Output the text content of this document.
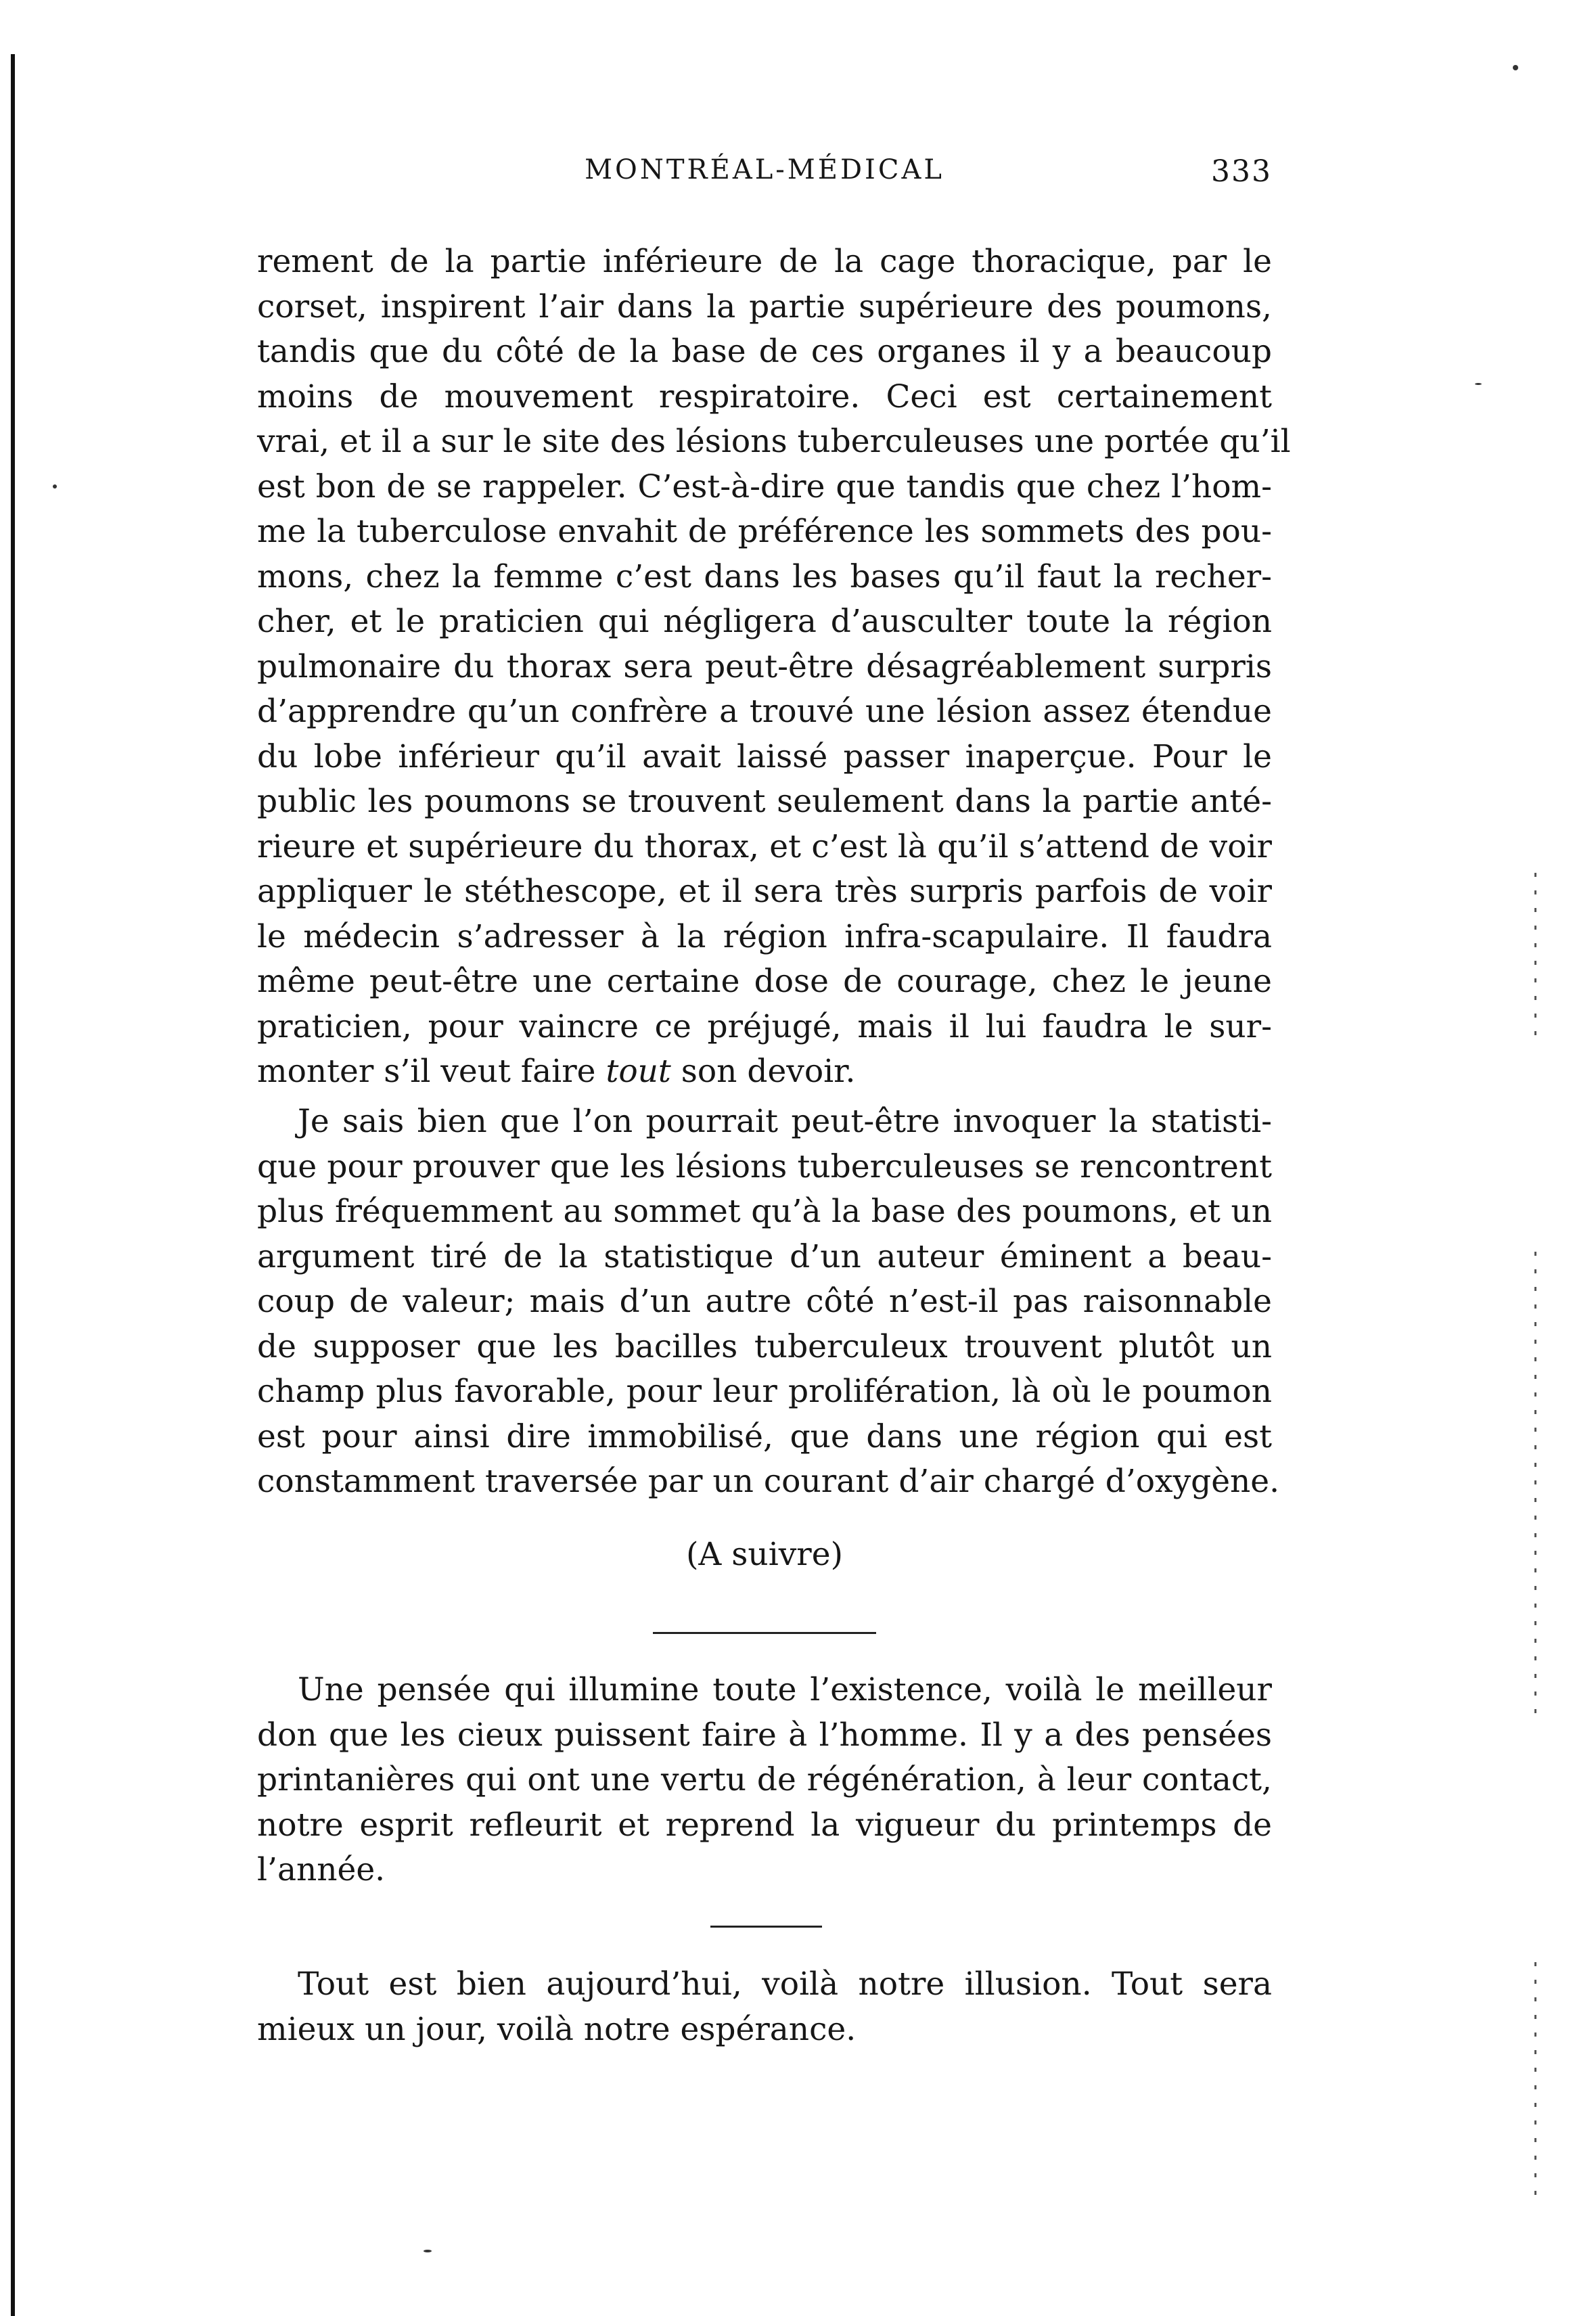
MONTRÉAL-MÉDICAL	333
rement de la partie inférieure de la cage thoracique, par le
corset, inspirent l’air dans la partie supérieure des poumons,
tandis que du côté de la base de ces organes il y a beaucoup
moins de mouvement respiratoire. Ceci est certainement
vrai, et il a sur le site des lésions tuberculeuses une portée qu’il
est bon de se rappeler. C’est-à-dire que tandis que chez l’hom-
me la tuberculose envahit de préférence les sommets des pou-
mons, chez la femme c’est dans les bases qu’il faut la recher-
cher, et le praticien qui négligera d’ausculter toute la région
pulmonaire du thorax sera peut-être désagréablement surpris
d’apprendre qu’un confrère a trouvé une lésion assez étendue
du lobe inférieur qu’il avait laissé passer inaperçue. Pour le
public les poumons se trouvent seulement dans la partie anté-
rieure et supérieure du thorax, et c’est là qu’il s’attend de voir
appliquer le stéthescope, et il sera très surpris parfois de voir
le médecin s’adresser à la région infra-scapulaire. Il faudra
même peut-être une certaine dose de courage, chez le jeune
praticien, pour vaincre ce préjugé, mais il lui faudra le sur-
monter s’il veut faire tout son devoir.
Je sais bien que l’on pourrait peut-être invoquer la statisti-
que pour prouver que les lésions tuberculeuses se rencontrent
plus fréquemment au sommet qu’à la base des poumons, et un
argument tiré de la statistique d’un auteur éminent a beau-
coup de valeur; mais d’un autre côté n’est-il pas raisonnable
de supposer que les bacilles tuberculeux trouvent plutôt un
champ plus favorable, pour leur prolifération, là où le poumon
est pour ainsi dire immobilisé, que dans une région qui est
constamment traversée par un courant d’air chargé d’oxygène.
(A suivre)
Une pensée qui illumine toute l’existence, voilà le meilleur
don que les cieux puissent faire à l’homme. Il y a des pensées
printanières qui ont une vertu de régénération, à leur contact,
notre esprit refleurit et reprend la vigueur du printemps de
l’année.
Tout est bien aujourd’hui, voilà notre illusion. Tout sera
mieux un jour, voilà notre espérance.
